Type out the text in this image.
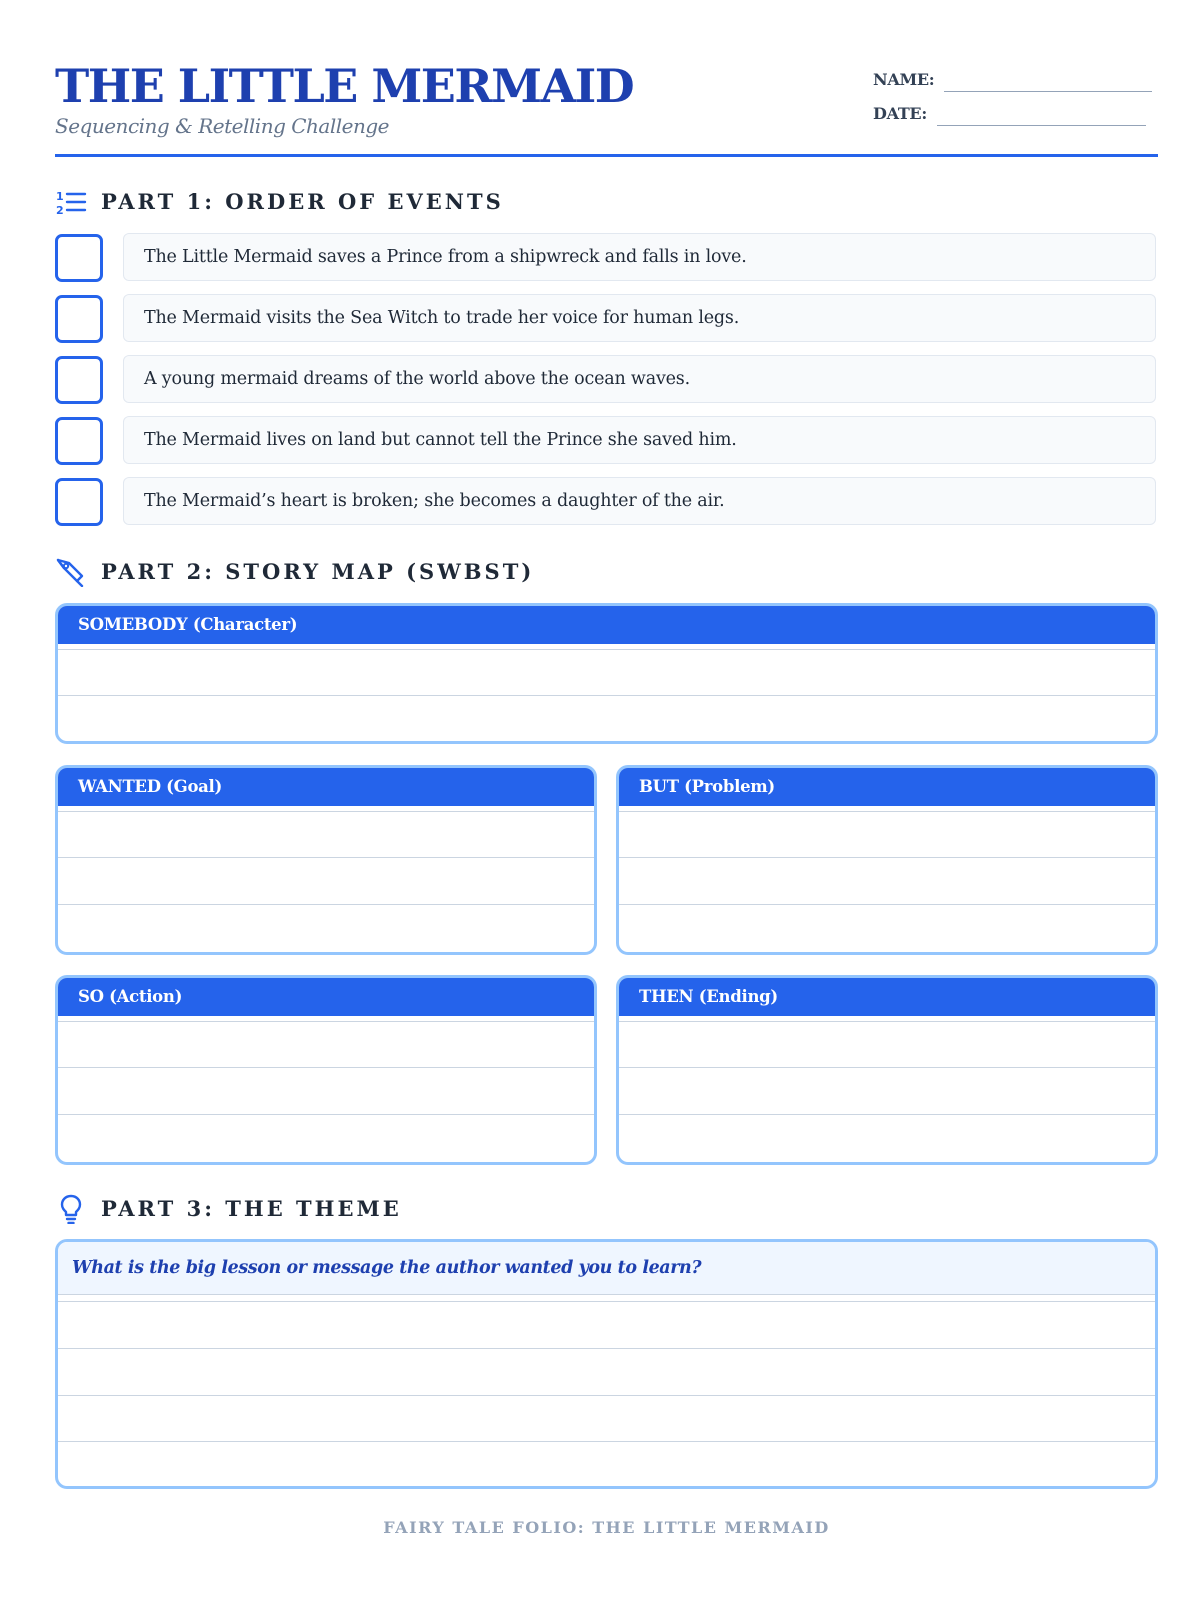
THE LITTLE MERMAID
Sequencing & Retelling Challenge
NAME:
DATE:
1
2 PART 1: ORDER OF EVENTS
The Little Mermaid saves a Prince from a shipwreck and falls in love.
The Mermaid visits the Sea Witch to trade her voice for human legs.
A young mermaid dreams of the world above the ocean waves.
The Mermaid lives on land but cannot tell the Prince she saved him.
The Mermaid’s heart is broken; she becomes a daughter of the air.
PART 2: STORY MAP (SWBST)
SOMEBODY (Character)
WANTED (Goal)	BUT (Problem)
SO (Action)	THEN (Ending)
PART 3: THE THEME
What is the big lesson or message the author wanted you to learn?
FAIRY TALE FOLIO: THE LITTLE MERMAID
